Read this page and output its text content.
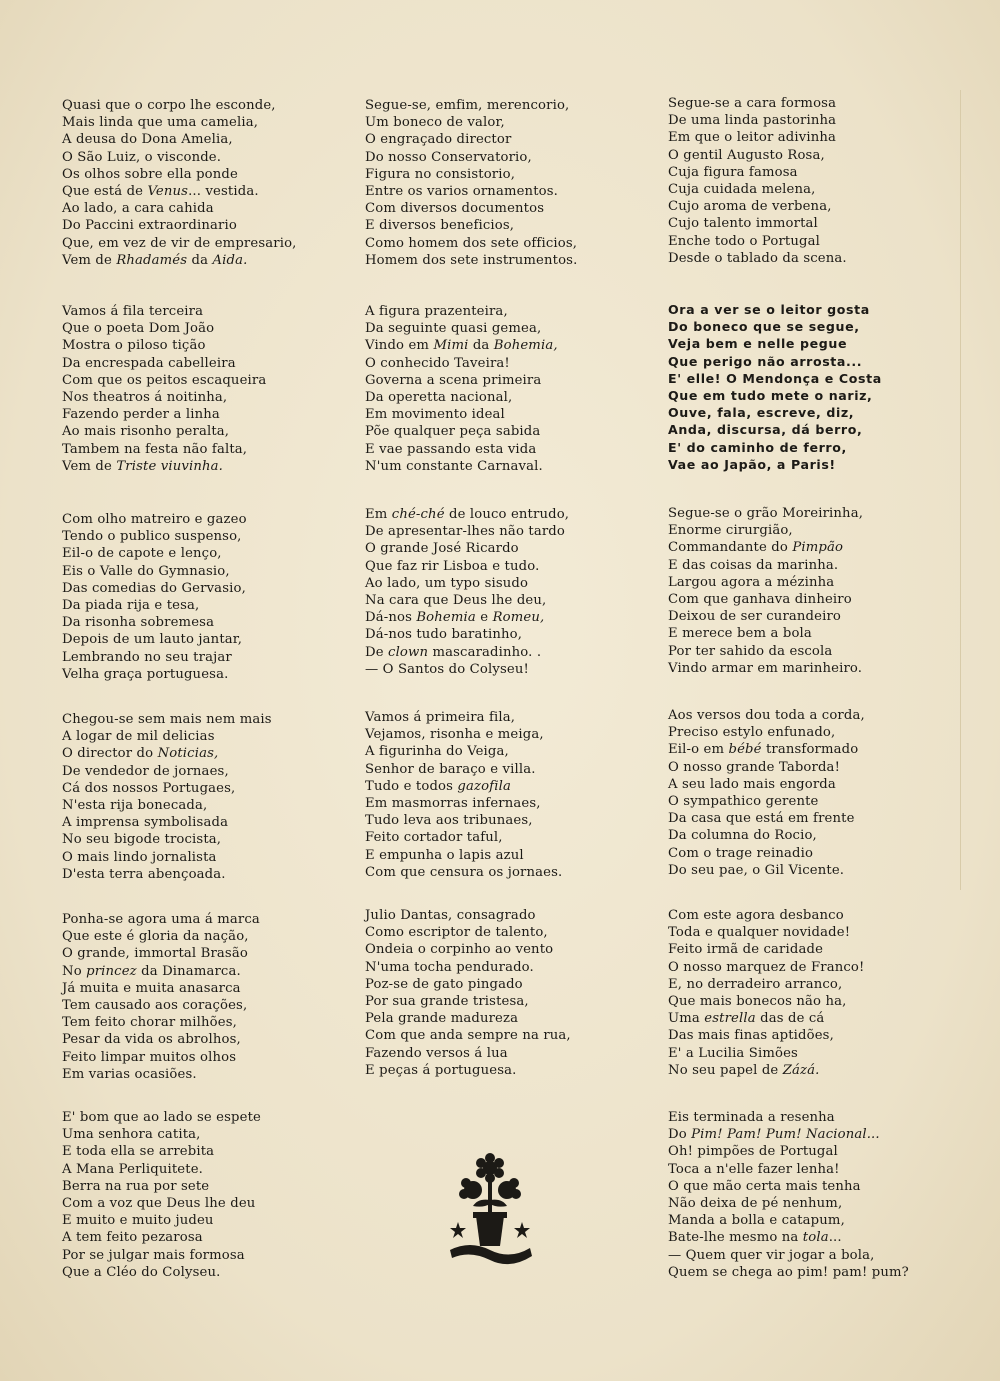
Quasi que o corpo lhe esconde,
Mais linda que uma camelia,
A deusa do Dona Amelia,
O São Luiz, o visconde.
Os olhos sobre ella ponde
Que está de Venus... vestida.
Ao lado, a cara cahida
Do Paccini extraordinario
Que, em vez de vir de empresario,
Vem de Rhadamés da Aida.
Vamos á fila terceira
Que o poeta Dom João
Mostra o piloso tição
Da encrespada cabelleira
Com que os peitos escaqueira
Nos theatros á noitinha,
Fazendo perder a linha
Ao mais risonho peralta,
Tambem na festa não falta,
Vem de Triste viuvinha.
Com olho matreiro e gazeo
Tendo o publico suspenso,
Eil-o de capote e lenço,
Eis o Valle do Gymnasio,
Das comedias do Gervasio,
Da piada rija e tesa,
Da risonha sobremesa
Depois de um lauto jantar,
Lembrando no seu trajar
Velha graça portuguesa.
Chegou-se sem mais nem mais
A logar de mil delicias
O director do Noticias,
De vendedor de jornaes,
Cá dos nossos Portugaes,
N'esta rija bonecada,
A imprensa symbolisada
No seu bigode trocista,
O mais lindo jornalista
D'esta terra abençoada.
Ponha-se agora uma á marca
Que este é gloria da nação,
O grande, immortal Brasão
No princez da Dinamarca.
Já muita e muita anasarca
Tem causado aos corações,
Tem feito chorar milhões,
Pesar da vida os abrolhos,
Feito limpar muitos olhos
Em varias ocasiões.
E' bom que ao lado se espete
Uma senhora catita,
E toda ella se arrebita
A Mana Perliquitete.
Berra na rua por sete
Com a voz que Deus lhe deu
E muito e muito judeu
A tem feito pezarosa
Por se julgar mais formosa
Que a Cléo do Colyseu.
Segue-se, emfim, merencorio,
Um boneco de valor,
O engraçado director
Do nosso Conservatorio,
Figura no consistorio,
Entre os varios ornamentos.
Com diversos documentos
E diversos beneficios,
Como homem dos sete officios,
Homem dos sete instrumentos.
A figura prazenteira,
Da seguinte quasi gemea,
Vindo em Mimi da Bohemia,
O conhecido Taveira!
Governa a scena primeira
Da operetta nacional,
Em movimento ideal
Põe qualquer peça sabida
E vae passando esta vida
N'um constante Carnaval.
Em ché-ché de louco entrudo,
De apresentar-lhes não tardo
O grande José Ricardo
Que faz rir Lisboa e tudo.
Ao lado, um typo sisudo
Na cara que Deus lhe deu,
Dá-nos Bohemia e Romeu,
Dá-nos tudo baratinho,
De clown mascaradinho. .
— O Santos do Colyseu!
Vamos á primeira fila,
Vejamos, risonha e meiga,
A figurinha do Veiga,
Senhor de baraço e villa.
Tudo e todos gazofila
Em masmorras infernaes,
Tudo leva aos tribunaes,
Feito cortador taful,
E empunha o lapis azul
Com que censura os jornaes.
Julio Dantas, consagrado
Como escriptor de talento,
Ondeia o corpinho ao vento
N'uma tocha pendurado.
Poz-se de gato pingado
Por sua grande tristesa,
Pela grande madureza
Com que anda sempre na rua,
Fazendo versos á lua
E peças á portuguesa.
Segue-se a cara formosa
De uma linda pastorinha
Em que o leitor adivinha
O gentil Augusto Rosa,
Cuja figura famosa
Cuja cuidada melena,
Cujo aroma de verbena,
Cujo talento immortal
Enche todo o Portugal
Desde o tablado da scena.
Ora a ver se o leitor gosta
Do boneco que se segue,
Veja bem e nelle pegue
Que perigo não arrosta...
E' elle! O Mendonça e Costa
Que em tudo mete o nariz,
Ouve, fala, escreve, diz,
Anda, discursa, dá berro,
E' do caminho de ferro,
Vae ao Japão, a Paris!
Segue-se o grão Moreirinha,
Enorme cirurgião,
Commandante do Pimpão
E das coisas da marinha.
Largou agora a mézinha
Com que ganhava dinheiro
Deixou de ser curandeiro
E merece bem a bola
Por ter sahido da escola
Vindo armar em marinheiro.
Aos versos dou toda a corda,
Preciso estylo enfunado,
Eil-o em bébé transformado
O nosso grande Taborda!
A seu lado mais engorda
O sympathico gerente
Da casa que está em frente
Da columna do Rocio,
Com o trage reinadio
Do seu pae, o Gil Vicente.
Com este agora desbanco
Toda e qualquer novidade!
Feito irmã de caridade
O nosso marquez de Franco!
E, no derradeiro arranco,
Que mais bonecos não ha,
Uma estrella das de cá
Das mais finas aptidões,
E' a Lucilia Simões
No seu papel de Zázá.
Eis terminada a resenha
Do Pim! Pam! Pum! Nacional...
Oh! pimpões de Portugal
Toca a n'elle fazer lenha!
O que mão certa mais tenha
Não deixa de pé nenhum,
Manda a bolla e catapum,
Bate-lhe mesmo na tola...
— Quem quer vir jogar a bola,
Quem se chega ao pim! pam! pum?
